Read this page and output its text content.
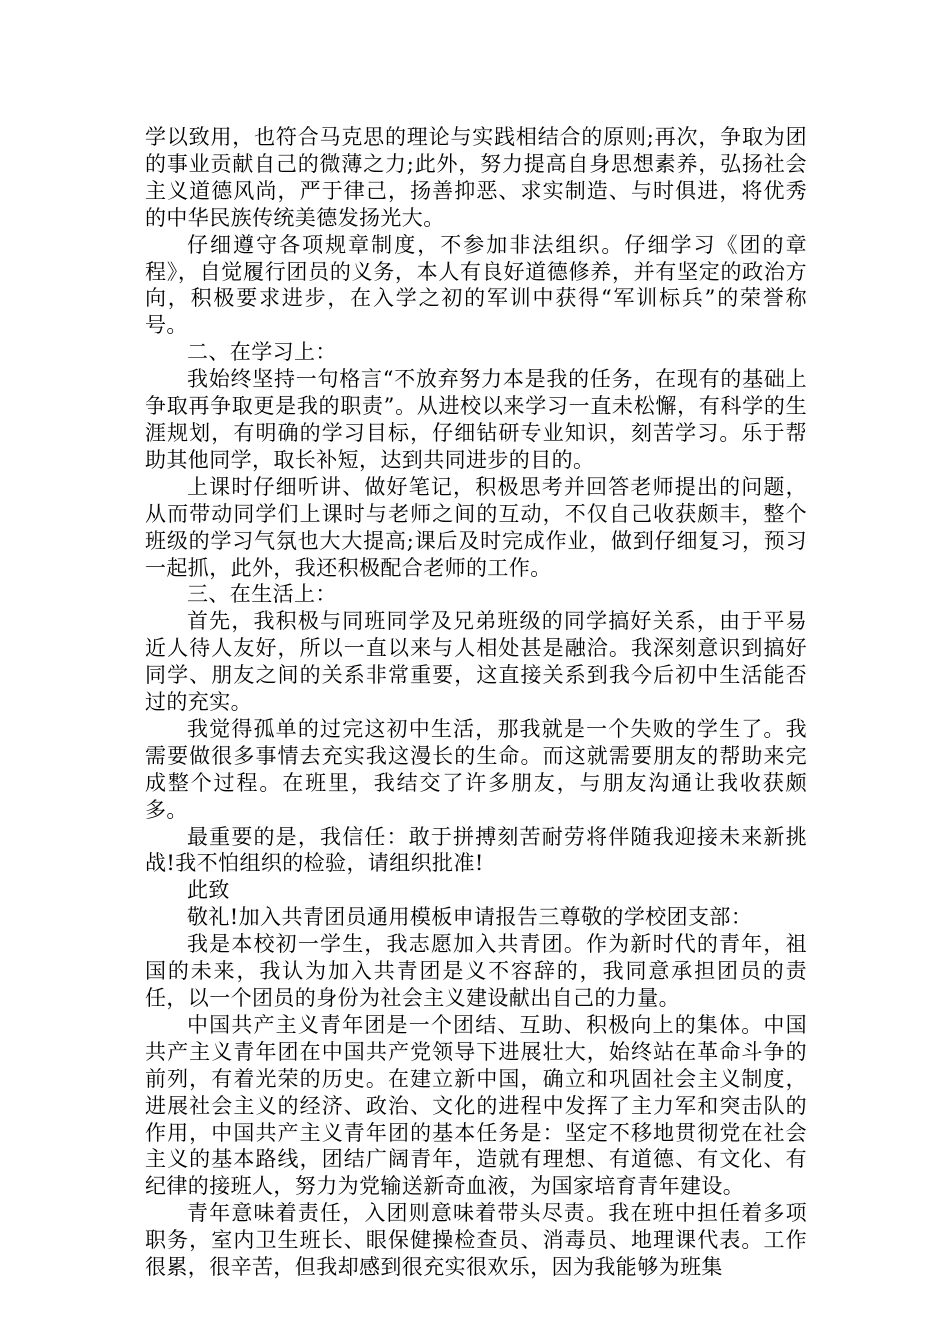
学以致用，也符合马克思的理论与实践相结合的原则;再次，争取为团的事业贡献自己的微薄之力;此外，努力提高自身思想素养，弘扬社会主义道德风尚，严于律己，扬善抑恶、求实制造、与时俱进，将优秀的中华民族传统美德发扬光大。

仔细遵守各项规章制度，不参加非法组织。仔细学习《团的章程》，自觉履行团员的义务，本人有良好道德修养，并有坚定的政治方向，积极要求进步，在入学之初的军训中获得“军训标兵”的荣誉称号。

二、在学习上：

我始终坚持一句格言“不放弃努力本是我的任务，在现有的基础上争取再争取更是我的职责”。从进校以来学习一直未松懈，有科学的生涯规划，有明确的学习目标，仔细钻研专业知识，刻苦学习。乐于帮助其他同学，取长补短，达到共同进步的目的。

上课时仔细听讲、做好笔记，积极思考并回答老师提出的问题，从而带动同学们上课时与老师之间的互动，不仅自己收获颇丰，整个班级的学习气氛也大大提高;课后及时完成作业，做到仔细复习，预习一起抓，此外，我还积极配合老师的工作。

三、在生活上：

首先，我积极与同班同学及兄弟班级的同学搞好关系，由于平易近人待人友好，所以一直以来与人相处甚是融洽。我深刻意识到搞好同学、朋友之间的关系非常重要，这直接关系到我今后初中生活能否过的充实。

我觉得孤单的过完这初中生活，那我就是一个失败的学生了。我需要做很多事情去充实我这漫长的生命。而这就需要朋友的帮助来完成整个过程。在班里，我结交了许多朋友，与朋友沟通让我收获颇多。

最重要的是，我信任：敢于拼搏刻苦耐劳将伴随我迎接未来新挑战!我不怕组织的检验，请组织批准!

此致

敬礼!加入共青团员通用模板申请报告三尊敬的学校团支部：

我是本校初一学生，我志愿加入共青团。作为新时代的青年，祖国的未来，我认为加入共青团是义不容辞的，我同意承担团员的责任，以一个团员的身份为社会主义建设献出自己的力量。

中国共产主义青年团是一个团结、互助、积极向上的集体。中国共产主义青年团在中国共产党领导下进展壮大，始终站在革命斗争的前列，有着光荣的历史。在建立新中国，确立和巩固社会主义制度，进展社会主义的经济、政治、文化的进程中发挥了主力军和突击队的作用，中国共产主义青年团的基本任务是：坚定不移地贯彻党在社会主义的基本路线，团结广阔青年，造就有理想、有道德、有文化、有纪律的接班人，努力为党输送新奇血液，为国家培育青年建设。

青年意味着责任，入团则意味着带头尽责。我在班中担任着多项职务，室内卫生班长、眼保健操检查员、消毒员、地理课代表。工作很累，很辛苦，但我却感到很充实很欢乐，因为我能够为班集
